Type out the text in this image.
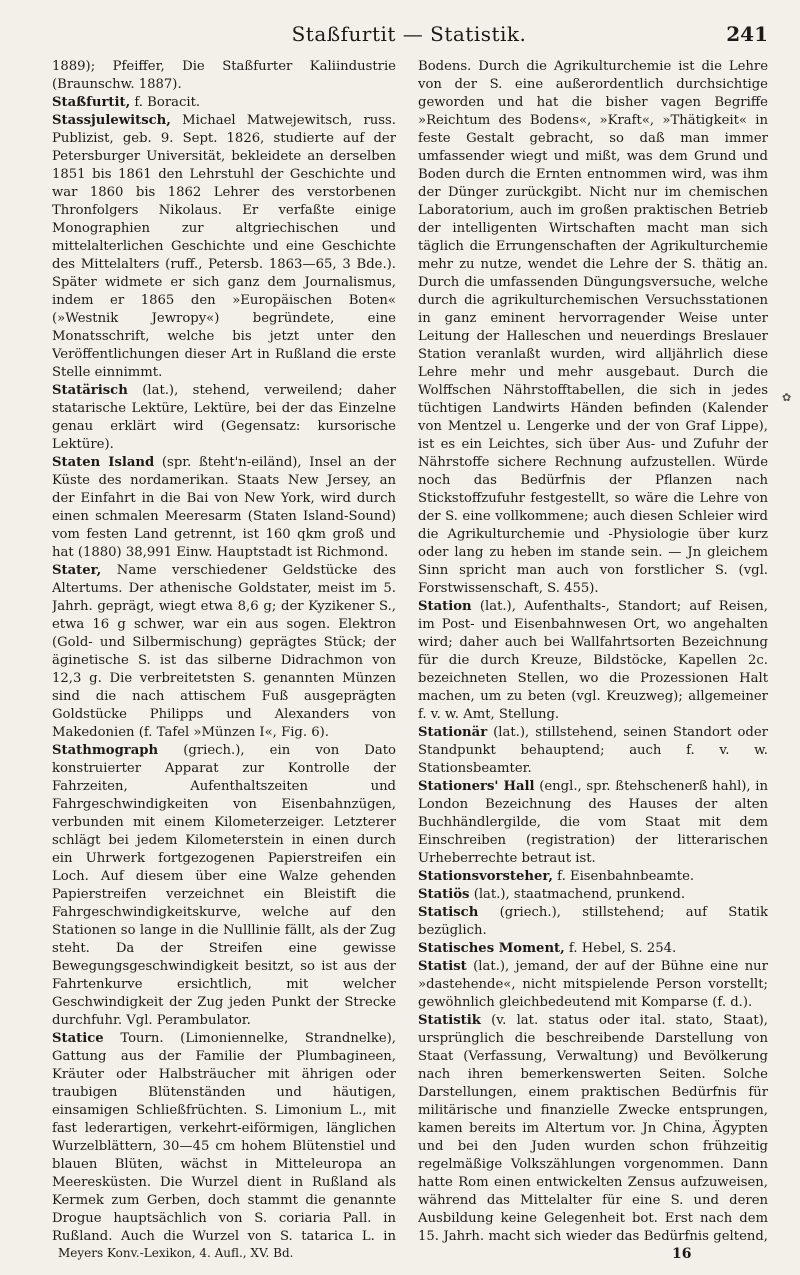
Staßfurtit — Statistik.	241

1889); Pfeiffer, Die Staßfurter Kaliindustrie (Braunschw. 1887).

Staßfurtit, f. Boracit.

Stassjulewitsch, Michael Matwejewitsch, russ. Publizist, geb. 9. Sept. 1826, studierte auf der Petersburger Universität, bekleidete an derselben 1851 bis 1861 den Lehrstuhl der Geschichte und war 1860 bis 1862 Lehrer des verstorbenen Thronfolgers Nikolaus. Er verfaßte einige Monographien zur altgriechischen und mittelalterlichen Geschichte und eine Geschichte des Mittelalters (ruff., Petersb. 1863—65, 3 Bde.). Später widmete er sich ganz dem Journalismus, indem er 1865 den »Europäischen Boten« (»Westnik Jewropy«) begründete, eine Monatsschrift, welche bis jetzt unter den Veröffentlichungen dieser Art in Rußland die erste Stelle einnimmt.

Statärisch (lat.), stehend, verweilend; daher statarische Lektüre, Lektüre, bei der das Einzelne genau erklärt wird (Gegensatz: kursorische Lektüre).

Staten Island (spr. ßteht'n-eiländ), Insel an der Küste des nordamerikan. Staats New Jersey, an der Einfahrt in die Bai von New York, wird durch einen schmalen Meeresarm (Staten Island-Sound) vom festen Land getrennt, ist 160 qkm groß und hat (1880) 38,991 Einw. Hauptstadt ist Richmond.

Stater, Name verschiedener Geldstücke des Altertums. Der athenische Goldstater, meist im 5. Jahrh. geprägt, wiegt etwa 8,6 g; der Kyzikener S., etwa 16 g schwer, war ein aus sogen. Elektron (Gold- und Silbermischung) geprägtes Stück; der äginetische S. ist das silberne Didrachmon von 12,3 g. Die verbreitetsten S. genannten Münzen sind die nach attischem Fuß ausgeprägten Goldstücke Philipps und Alexanders von Makedonien (f. Tafel »Münzen I«, Fig. 6).

Stathmograph (griech.), ein von Dato konstruierter Apparat zur Kontrolle der Fahrzeiten, Aufenthaltszeiten und Fahrgeschwindigkeiten von Eisenbahnzügen, verbunden mit einem Kilometerzeiger. Letzterer schlägt bei jedem Kilometerstein in einen durch ein Uhrwerk fortgezogenen Papierstreifen ein Loch. Auf diesem über eine Walze gehenden Papierstreifen verzeichnet ein Bleistift die Fahrgeschwindigkeitskurve, welche auf den Stationen so lange in die Nulllinie fällt, als der Zug steht. Da der Streifen eine gewisse Bewegungsgeschwindigkeit besitzt, so ist aus der Fahrtenkurve ersichtlich, mit welcher Geschwindigkeit der Zug jeden Punkt der Strecke durchfuhr. Vgl. Perambulator.

Statice Tourn. (Limoniennelke, Strandnelke), Gattung aus der Familie der Plumbagineen, Kräuter oder Halbsträucher mit ährigen oder traubigen Blütenständen und häutigen, einsamigen Schließfrüchten. S. Limonium L., mit fast lederartigen, verkehrt-eiförmigen, länglichen Wurzelblättern, 30—45 cm hohem Blütenstiel und blauen Blüten, wächst in Mitteleuropa an Meeresküsten. Die Wurzel dient in Rußland als Kermek zum Gerben, doch stammt die genannte Drogue hauptsächlich von S. coriaria Pall. in Rußland. Auch die Wurzel von S. tatarica L. in

Bodens. Durch die Agrikulturchemie ist die Lehre von der S. eine außerordentlich durchsichtige geworden und hat die bisher vagen Begriffe »Reichtum des Bodens«, »Kraft«, »Thätigkeit« in feste Gestalt gebracht, so daß man immer umfassender wiegt und mißt, was dem Grund und Boden durch die Ernten entnommen wird, was ihm der Dünger zurückgibt. Nicht nur im chemischen Laboratorium, auch im großen praktischen Betrieb der intelligenten Wirtschaften macht man sich täglich die Errungenschaften der Agrikulturchemie mehr zu nutze, wendet die Lehre der S. thätig an. Durch die umfassenden Düngungsversuche, welche durch die agrikulturchemischen Versuchsstationen in ganz eminent hervorragender Weise unter Leitung der Halleschen und neuerdings Breslauer Station veranlaßt wurden, wird alljährlich diese Lehre mehr und mehr ausgebaut. Durch die Wolffschen Nährstofftabellen, die sich in jedes tüchtigen Landwirts Händen befinden (Kalender von Mentzel u. Lengerke und der von Graf Lippe), ist es ein Leichtes, sich über Aus- und Zufuhr der Nährstoffe sichere Rechnung aufzustellen. Würde noch das Bedürfnis der Pflanzen nach Stickstoffzufuhr festgestellt, so wäre die Lehre von der S. eine vollkommene; auch diesen Schleier wird die Agrikulturchemie und -Physiologie über kurz oder lang zu heben im stande sein. — Jn gleichem Sinn spricht man auch von forstlicher S. (vgl. Forstwissenschaft, S. 455).

Station (lat.), Aufenthalts-, Standort; auf Reisen, im Post- und Eisenbahnwesen Ort, wo angehalten wird; daher auch bei Wallfahrtsorten Bezeichnung für die durch Kreuze, Bildstöcke, Kapellen 2c. bezeichneten Stellen, wo die Prozessionen Halt machen, um zu beten (vgl. Kreuzweg); allgemeiner f. v. w. Amt, Stellung.

Stationär (lat.), stillstehend, seinen Standort oder Standpunkt behauptend; auch f. v. w. Stationsbeamter.

Stationers' Hall (engl., spr. ßtehschenerß hahl), in London Bezeichnung des Hauses der alten Buchhändlergilde, die vom Staat mit dem Einschreiben (registration) der litterarischen Urheberrechte betraut ist.

Stationsvorsteher, f. Eisenbahnbeamte.

Statiös (lat.), staatmachend, prunkend.

Statisch (griech.), stillstehend; auf Statik bezüglich.

Statisches Moment, f. Hebel, S. 254.

Statist (lat.), jemand, der auf der Bühne eine nur »dastehende«, nicht mitspielende Person vorstellt; gewöhnlich gleichbedeutend mit Komparse (f. d.).

Statistik (v. lat. status oder ital. stato, Staat), ursprünglich die beschreibende Darstellung von Staat (Verfassung, Verwaltung) und Bevölkerung nach ihren bemerkenswerten Seiten. Solche Darstellungen, einem praktischen Bedürfnis für militärische und finanzielle Zwecke entsprungen, kamen bereits im Altertum vor. Jn China, Ägypten und bei den Juden wurden schon frühzeitig regelmäßige Volkszählungen vorgenommen. Dann hatte Rom einen entwickelten Zensus aufzuweisen, während das Mittelalter für eine S. und deren Ausbildung keine Gelegenheit bot. Erst nach dem 15. Jahrh. macht sich wieder das Bedürfnis geltend,

✿
Meyers Konv.-Lexikon, 4. Aufl., XV. Bd.	16
